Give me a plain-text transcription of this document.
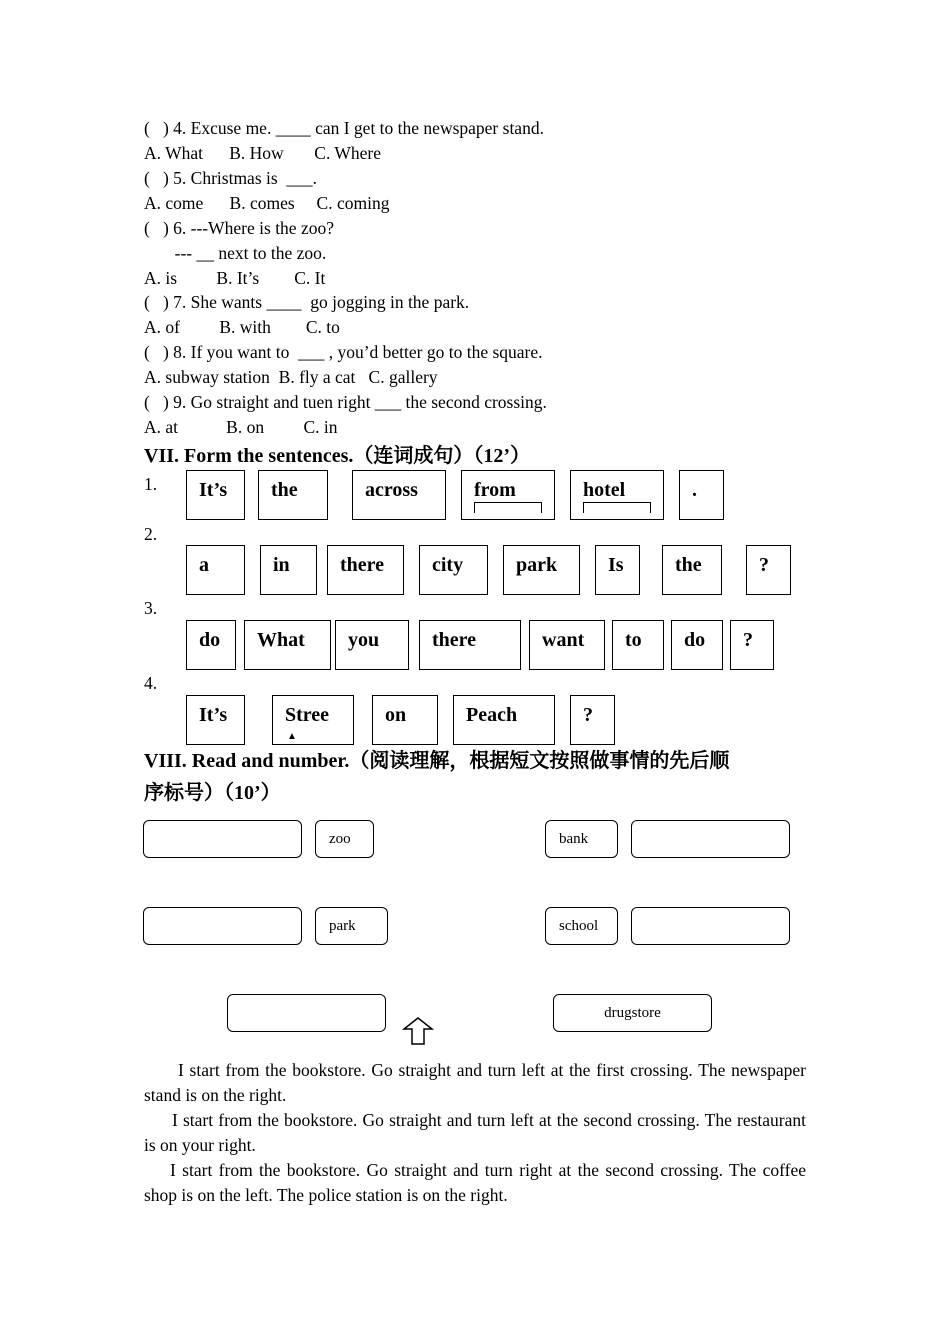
(   ) 4. Excuse me. ____ can I get to the newspaper stand.
A. What      B. How       C. Where
(   ) 5. Christmas is  ___.
A. come      B. comes     C. coming
(   ) 6. ---Where is the zoo?
--- __ next to the zoo.
A. is         B. It’s        C. It
(   ) 7. She wants ____  go jogging in the park.
A. of         B. with        C. to
(   ) 8. If you want to  ___ , you’d better go to the square.
A. subway station  B. fly a cat   C. gallery
(   ) 9. Go straight and tuen right ___ the second crossing.
A. at           B. on         C. in
VII. Form the sentences.（连词成句）（12’）
1.	It’s	the	across	from	hotel	.
2.
a	in	there	city	park	Is	the	?
3.
do	What	you	there	want	to	do	?
4.
It’s	Stree
▲
on	Peach	?
VIII. Read and number.（阅读理解，根据短文按照做事情的先后顺
序标号）（10’）
zoo	bank
park	school
drugstore
I start from the bookstore. Go straight and turn left at the first crossing. The newspaper stand is on the right.
I start from the bookstore. Go straight and turn left at the second crossing. The restaurant is on your right.
I start from the bookstore. Go straight and turn right at the second crossing. The coffee shop is on the left. The police station is on the right.
